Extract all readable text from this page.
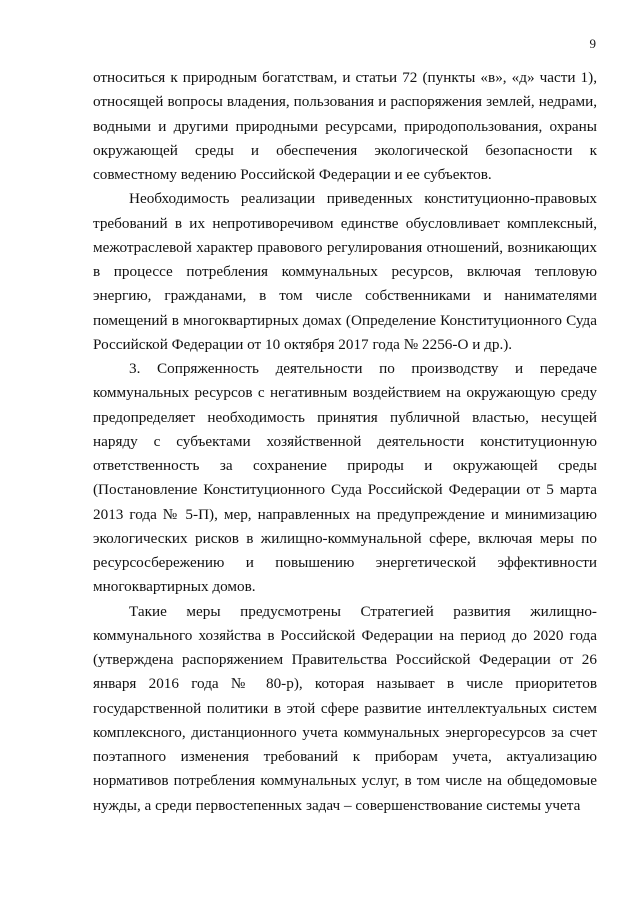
9

относиться к природным богатствам, и статьи 72 (пункты «в», «д» части 1), относящей вопросы владения, пользования и распоряжения землей, недрами, водными и другими природными ресурсами, природопользования, охраны окружающей среды и обеспечения экологической безопасности к совместному ведению Российской Федерации и ее субъектов.

Необходимость реализации приведенных конституционно-правовых требований в их непротиворечивом единстве обусловливает комплексный, межотраслевой характер правового регулирования отношений, возникающих в процессе потребления коммунальных ресурсов, включая тепловую энергию, гражданами, в том числе собственниками и нанимателями помещений в многоквартирных домах (Определение Конституционного Суда Российской Федерации от 10 октября 2017 года № 2256-О и др.).

3. Сопряженность деятельности по производству и передаче коммунальных ресурсов с негативным воздействием на окружающую среду предопределяет необходимость принятия публичной властью, несущей наряду с субъектами хозяйственной деятельности конституционную ответственность за сохранение природы и окружающей среды (Постановление Конституционного Суда Российской Федерации от 5 марта 2013 года № 5-П), мер, направленных на предупреждение и минимизацию экологических рисков в жилищно-коммунальной сфере, включая меры по ресурсосбережению и повышению энергетической эффективности многоквартирных домов.

Такие меры предусмотрены Стратегией развития жилищно-коммунального хозяйства в Российской Федерации на период до 2020 года (утверждена распоряжением Правительства Российской Федерации от 26 января 2016 года № 80-р), которая называет в числе приоритетов государственной политики в этой сфере развитие интеллектуальных систем комплексного, дистанционного учета коммунальных энергоресурсов за счет поэтапного изменения требований к приборам учета, актуализацию нормативов потребления коммунальных услуг, в том числе на общедомовые нужды, а среди первостепенных задач – совершенствование системы учета
